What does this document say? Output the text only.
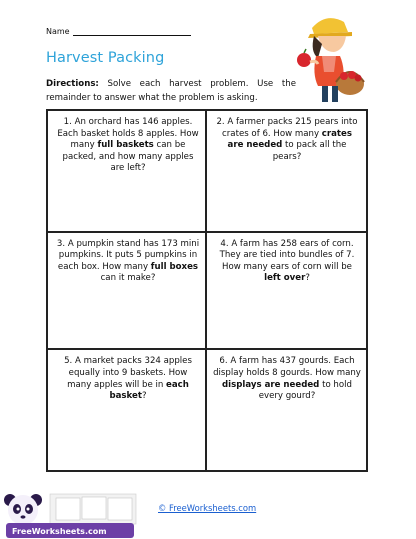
Name
Harvest Packing
Directions: Solve each harvest problem. Use the remainder to answer what the problem is asking.
1. An orchard has 146 apples. Each basket holds 8 apples. How many full baskets can be packed, and how many apples are left?
2. A farmer packs 215 pears into crates of 6. How many crates are needed to pack all the pears?
3. A pumpkin stand has 173 mini pumpkins. It puts 5 pumpkins in each box. How many full boxes can it make?
4. A farm has 258 ears of corn. They are tied into bundles of 7. How many ears of corn will be left over?
5. A market packs 324 apples equally into 9 baskets. How many apples will be in each basket?
6. A farm has 437 gourds. Each display holds 8 gourds. How many displays are needed to hold every gourd?
FreeWorksheets.com
© FreeWorksheets.com
